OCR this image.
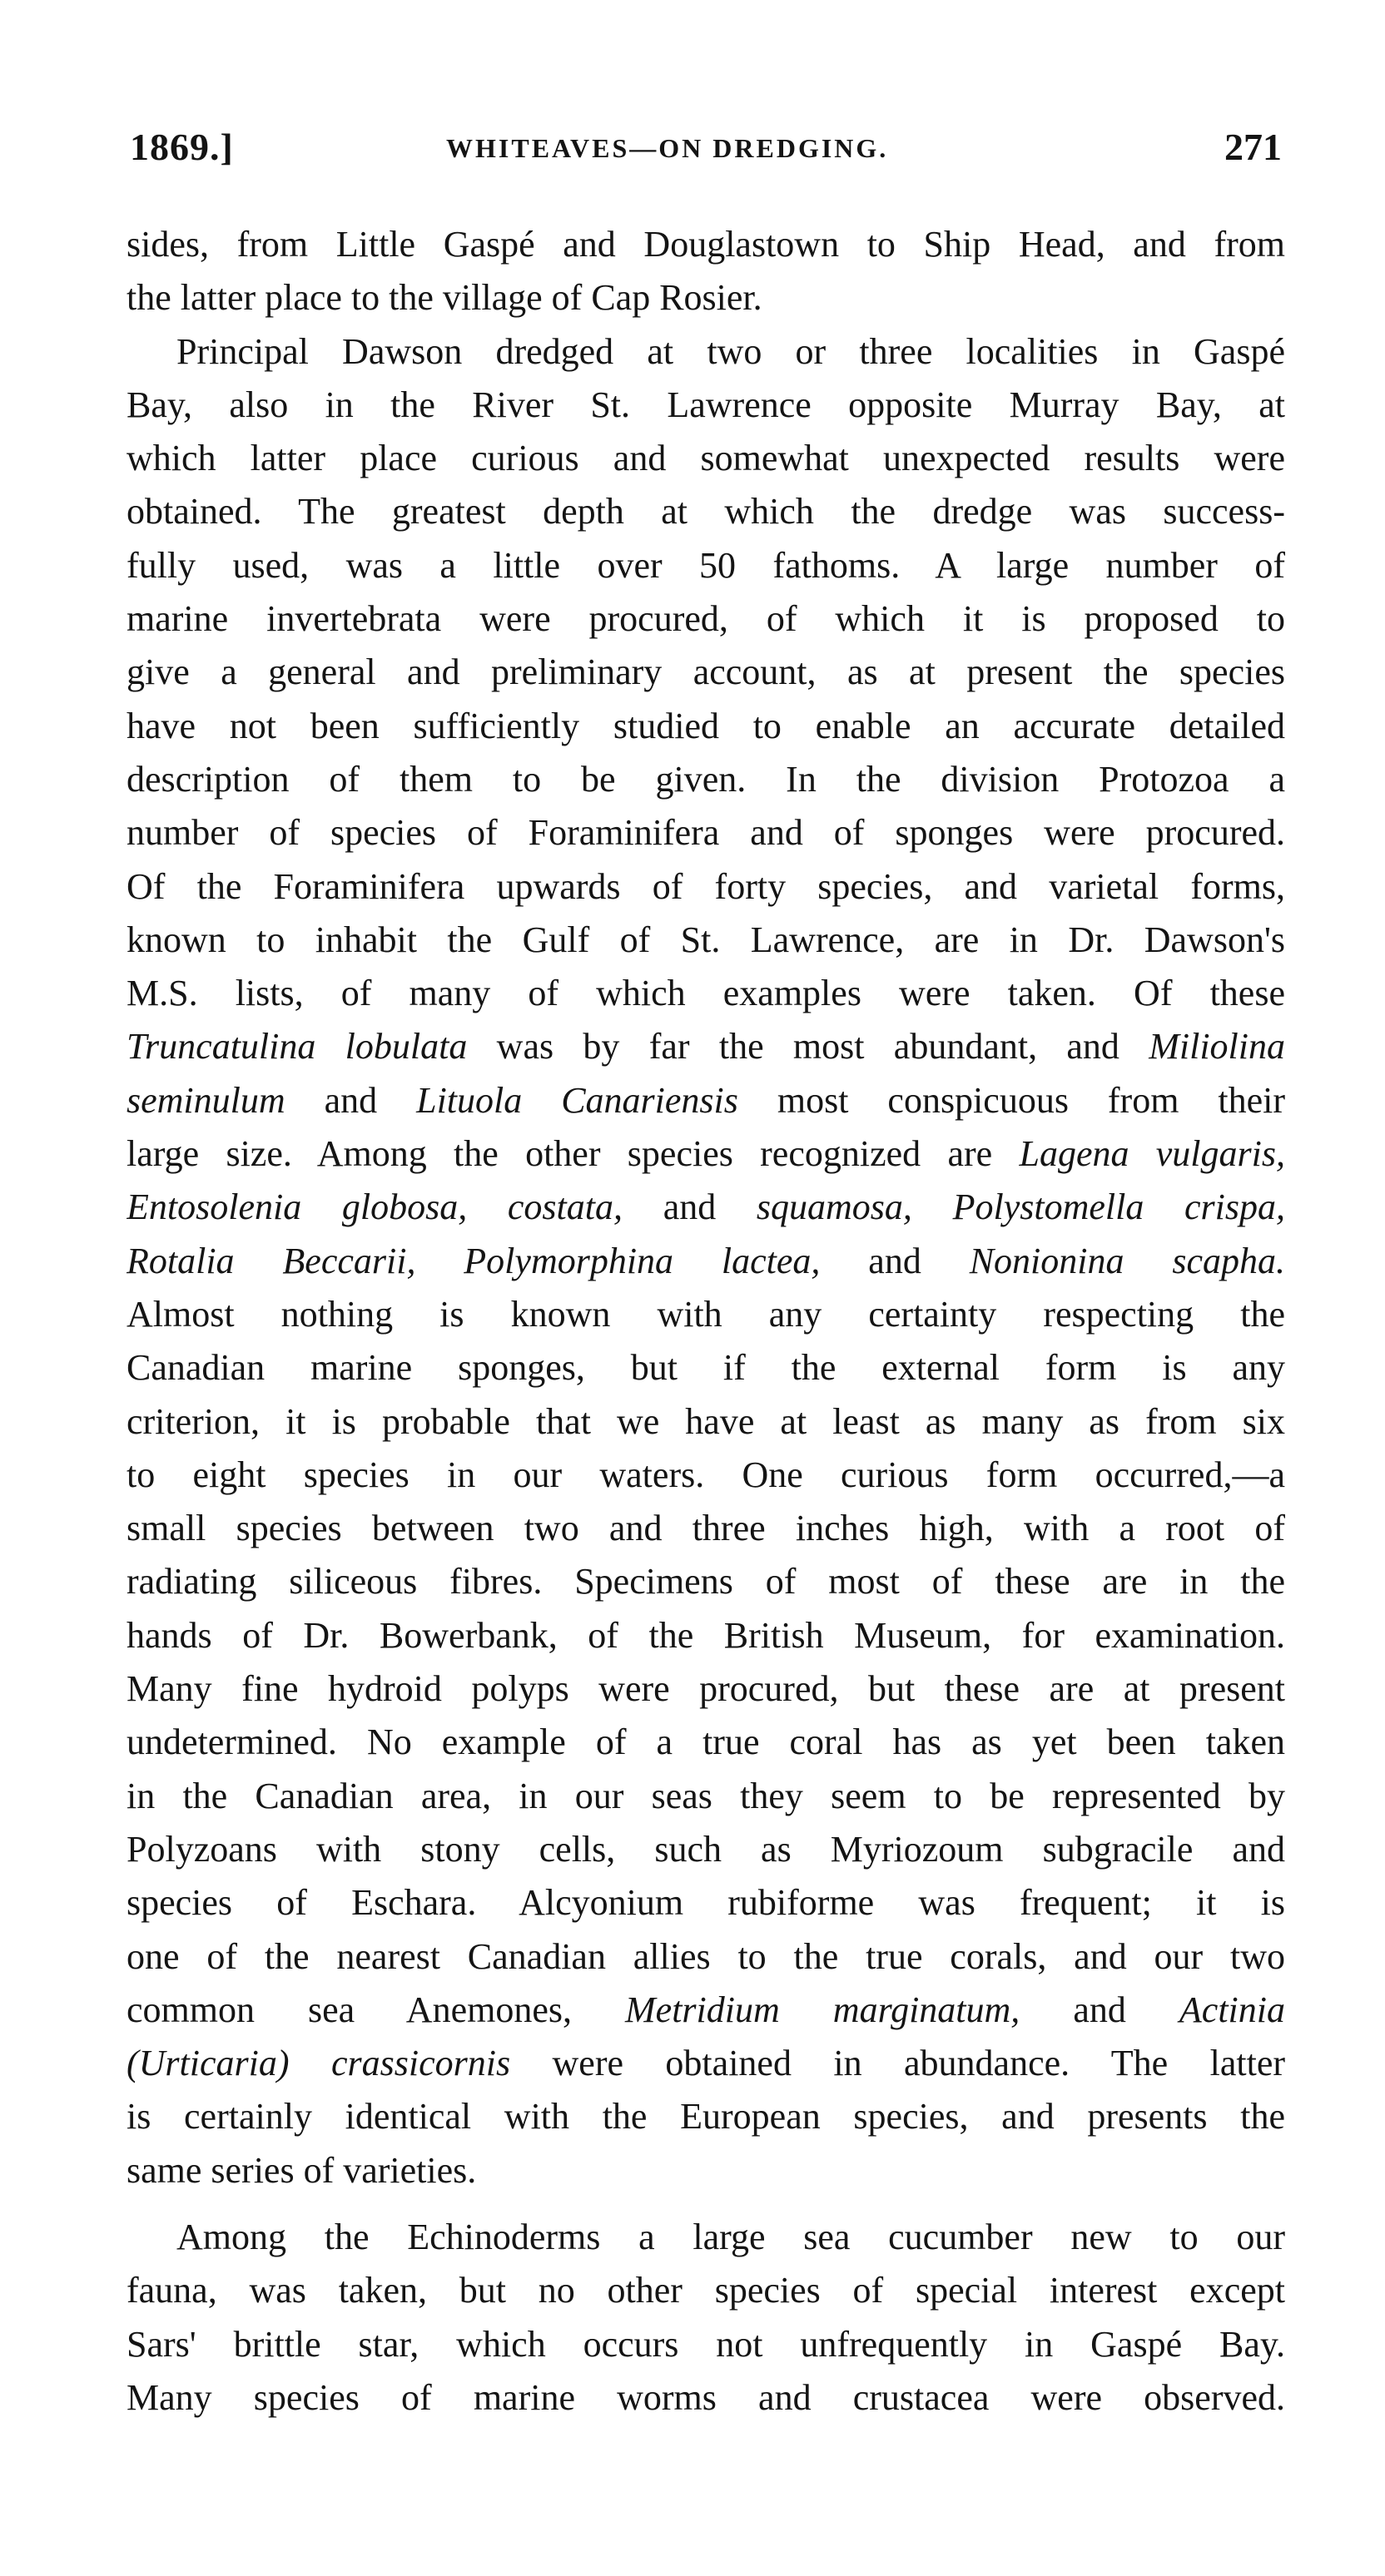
1869.]	WHITEAVES—ON DREDGING.	271
sides, from Little Gaspé and Douglastown to Ship Head, and from
the latter place to the village of Cap Rosier.
Principal Dawson dredged at two or three localities in Gaspé
Bay, also in the River St. Lawrence opposite Murray Bay, at
which latter place curious and somewhat unexpected results were
obtained. The greatest depth at which the dredge was success-
fully used, was a little over 50 fathoms. A large number of
marine invertebrata were procured, of which it is proposed to
give a general and preliminary account, as at present the species
have not been sufficiently studied to enable an accurate detailed
description of them to be given. In the division Protozoa a
number of species of Foraminifera and of sponges were procured.
Of the Foraminifera upwards of forty species, and varietal forms,
known to inhabit the Gulf of St. Lawrence, are in Dr. Dawson's
M.S. lists, of many of which examples were taken. Of these
Truncatulina lobulata was by far the most abundant, and Miliolina
seminulum and Lituola Canariensis most conspicuous from their
large size. Among the other species recognized are Lagena vulgaris,
Entosolenia globosa, costata, and squamosa, Polystomella crispa,
Rotalia Beccarii, Polymorphina lactea, and Nonionina scapha.
Almost nothing is known with any certainty respecting the
Canadian marine sponges, but if the external form is any
criterion, it is probable that we have at least as many as from six
to eight species in our waters. One curious form occurred,—a
small species between two and three inches high, with a root of
radiating siliceous fibres. Specimens of most of these are in the
hands of Dr. Bowerbank, of the British Museum, for examination.
Many fine hydroid polyps were procured, but these are at present
undetermined. No example of a true coral has as yet been taken
in the Canadian area, in our seas they seem to be represented by
Polyzoans with stony cells, such as Myriozoum subgracile and
species of Eschara. Alcyonium rubiforme was frequent; it is
one of the nearest Canadian allies to the true corals, and our two
common sea Anemones, Metridium marginatum, and Actinia
(Urticaria) crassicornis were obtained in abundance. The latter
is certainly identical with the European species, and presents the
same series of varieties.
Among the Echinoderms a large sea cucumber new to our
fauna, was taken, but no other species of special interest except
Sars' brittle star, which occurs not unfrequently in Gaspé Bay.
Many species of marine worms and crustacea were observed.
